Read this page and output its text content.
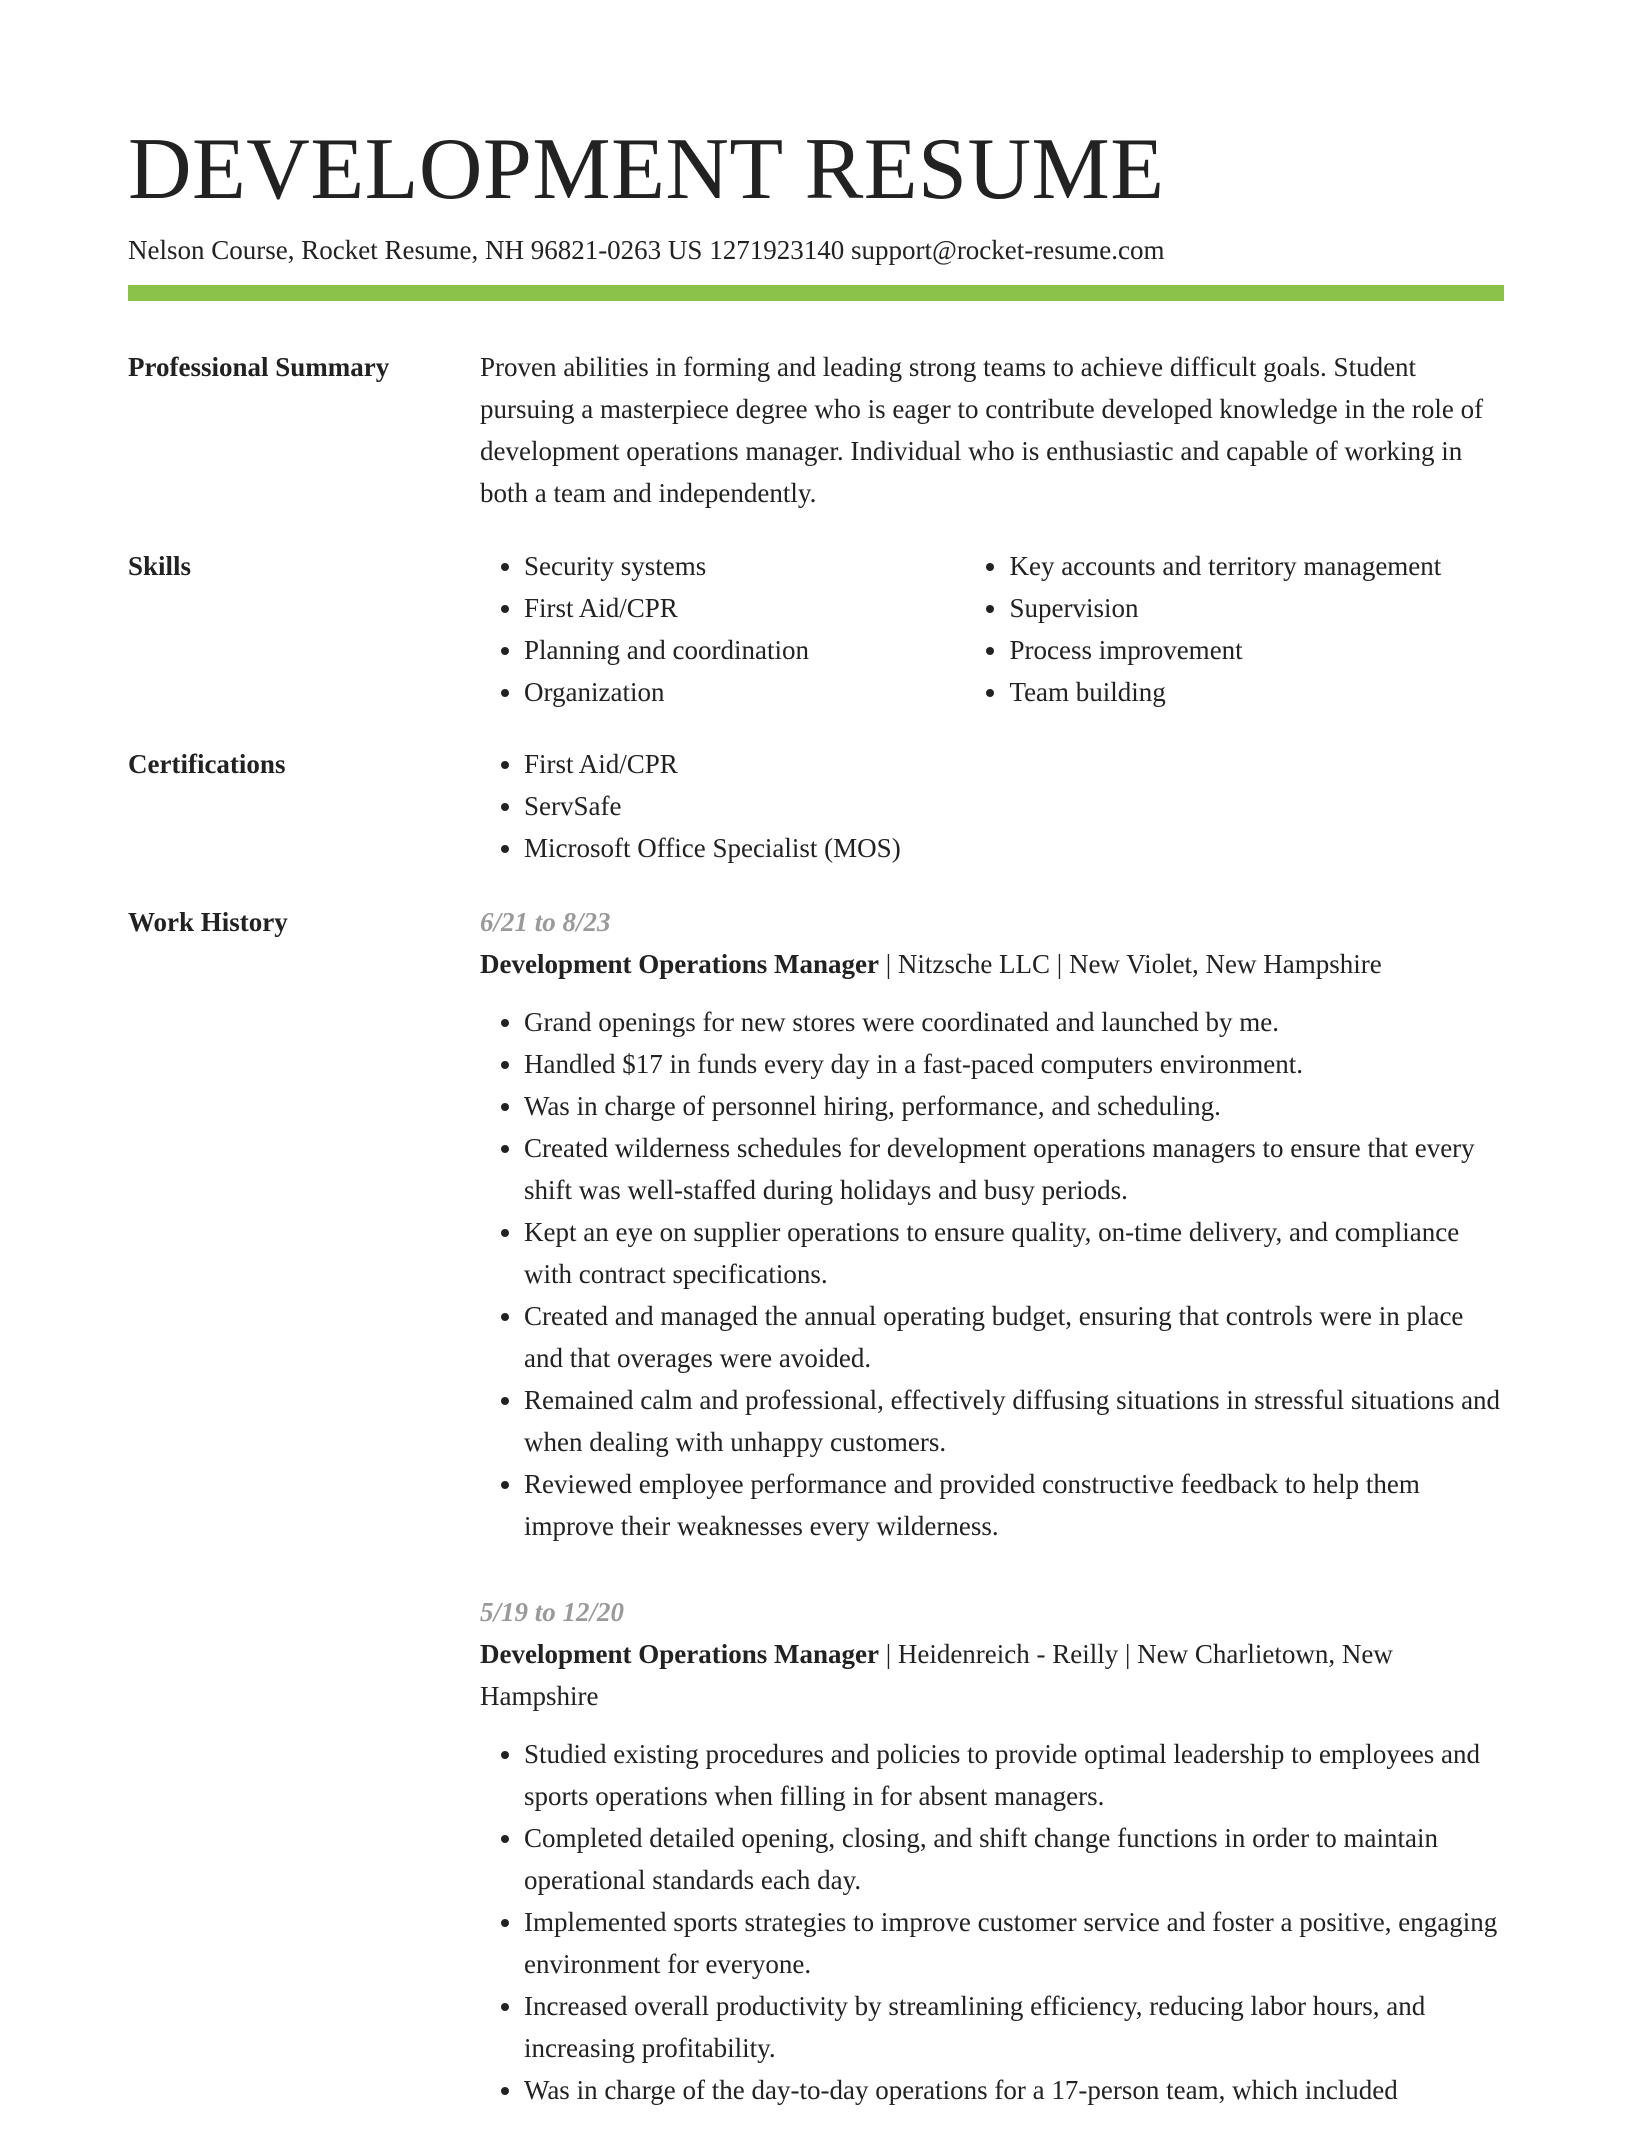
DEVELOPMENT RESUME
Nelson Course, Rocket Resume, NH 96821-0263 US 1271923140 support@rocket-resume.com
Professional Summary	Proven abilities in forming and leading strong teams to achieve difficult goals. Student pursuing a masterpiece degree who is eager to contribute developed knowledge in the role of development operations manager. Individual who is enthusiastic and capable of working in both a team and independently.

Skills	• Security systems
• First Aid/CPR
• Planning and coordination
• Organization
• Key accounts and territory management
• Supervision
• Process improvement
• Team building
Certifications	• First Aid/CPR
• ServSafe
• Microsoft Office Specialist (MOS)
Work History	6/21 to 8/23
Development Operations Manager | Nitzsche LLC | New Violet, New Hampshire
• Grand openings for new stores were coordinated and launched by me.
• Handled $17 in funds every day in a fast-paced computers environment.
• Was in charge of personnel hiring, performance, and scheduling.
• Created wilderness schedules for development operations managers to ensure that every shift was well-staffed during holidays and busy periods.
• Kept an eye on supplier operations to ensure quality, on-time delivery, and compliance with contract specifications.
• Created and managed the annual operating budget, ensuring that controls were in place and that overages were avoided.
• Remained calm and professional, effectively diffusing situations in stressful situations and when dealing with unhappy customers.
• Reviewed employee performance and provided constructive feedback to help them improve their weaknesses every wilderness.
5/19 to 12/20
Development Operations Manager | Heidenreich - Reilly | New Charlietown, New Hampshire
• Studied existing procedures and policies to provide optimal leadership to employees and sports operations when filling in for absent managers.
• Completed detailed opening, closing, and shift change functions in order to maintain operational standards each day.
• Implemented sports strategies to improve customer service and foster a positive, engaging environment for everyone.
• Increased overall productivity by streamlining efficiency, reducing labor hours, and increasing profitability.
• Was in charge of the day-to-day operations for a 17-person team, which included
